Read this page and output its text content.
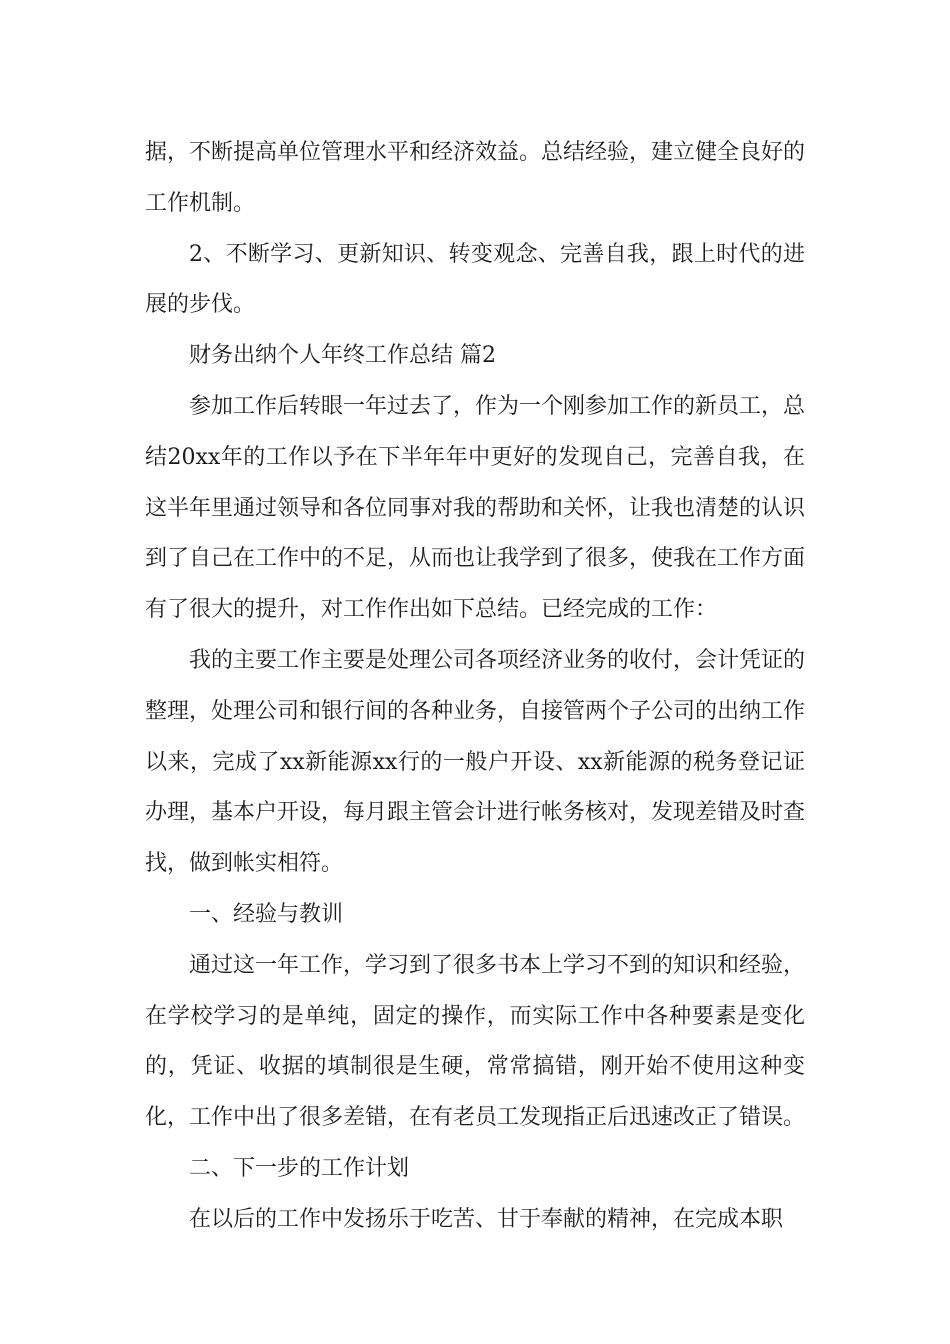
据，不断提高单位管理水平和经济效益。总结经验，建立健全良好的工作机制。

2、不断学习、更新知识、转变观念、完善自我，跟上时代的进展的步伐。

财务出纳个人年终工作总结 篇2

参加工作后转眼一年过去了，作为一个刚参加工作的新员工，总结20xx年的工作以予在下半年年中更好的发现自己，完善自我，在这半年里通过领导和各位同事对我的帮助和关怀，让我也清楚的认识到了自己在工作中的不足，从而也让我学到了很多，使我在工作方面有了很大的提升，对工作作出如下总结。已经完成的工作：

我的主要工作主要是处理公司各项经济业务的收付，会计凭证的整理，处理公司和银行间的各种业务，自接管两个子公司的出纳工作以来，完成了xx新能源xx行的一般户开设、xx新能源的税务登记证办理，基本户开设，每月跟主管会计进行帐务核对，发现差错及时查找，做到帐实相符。

一、经验与教训

通过这一年工作，学习到了很多书本上学习不到的知识和经验，在学校学习的是单纯，固定的操作，而实际工作中各种要素是变化的，凭证、收据的填制很是生硬，常常搞错，刚开始不使用这种变化，工作中出了很多差错，在有老员工发现指正后迅速改正了错误。

二、下一步的工作计划

在以后的工作中发扬乐于吃苦、甘于奉献的精神，在完成本职
